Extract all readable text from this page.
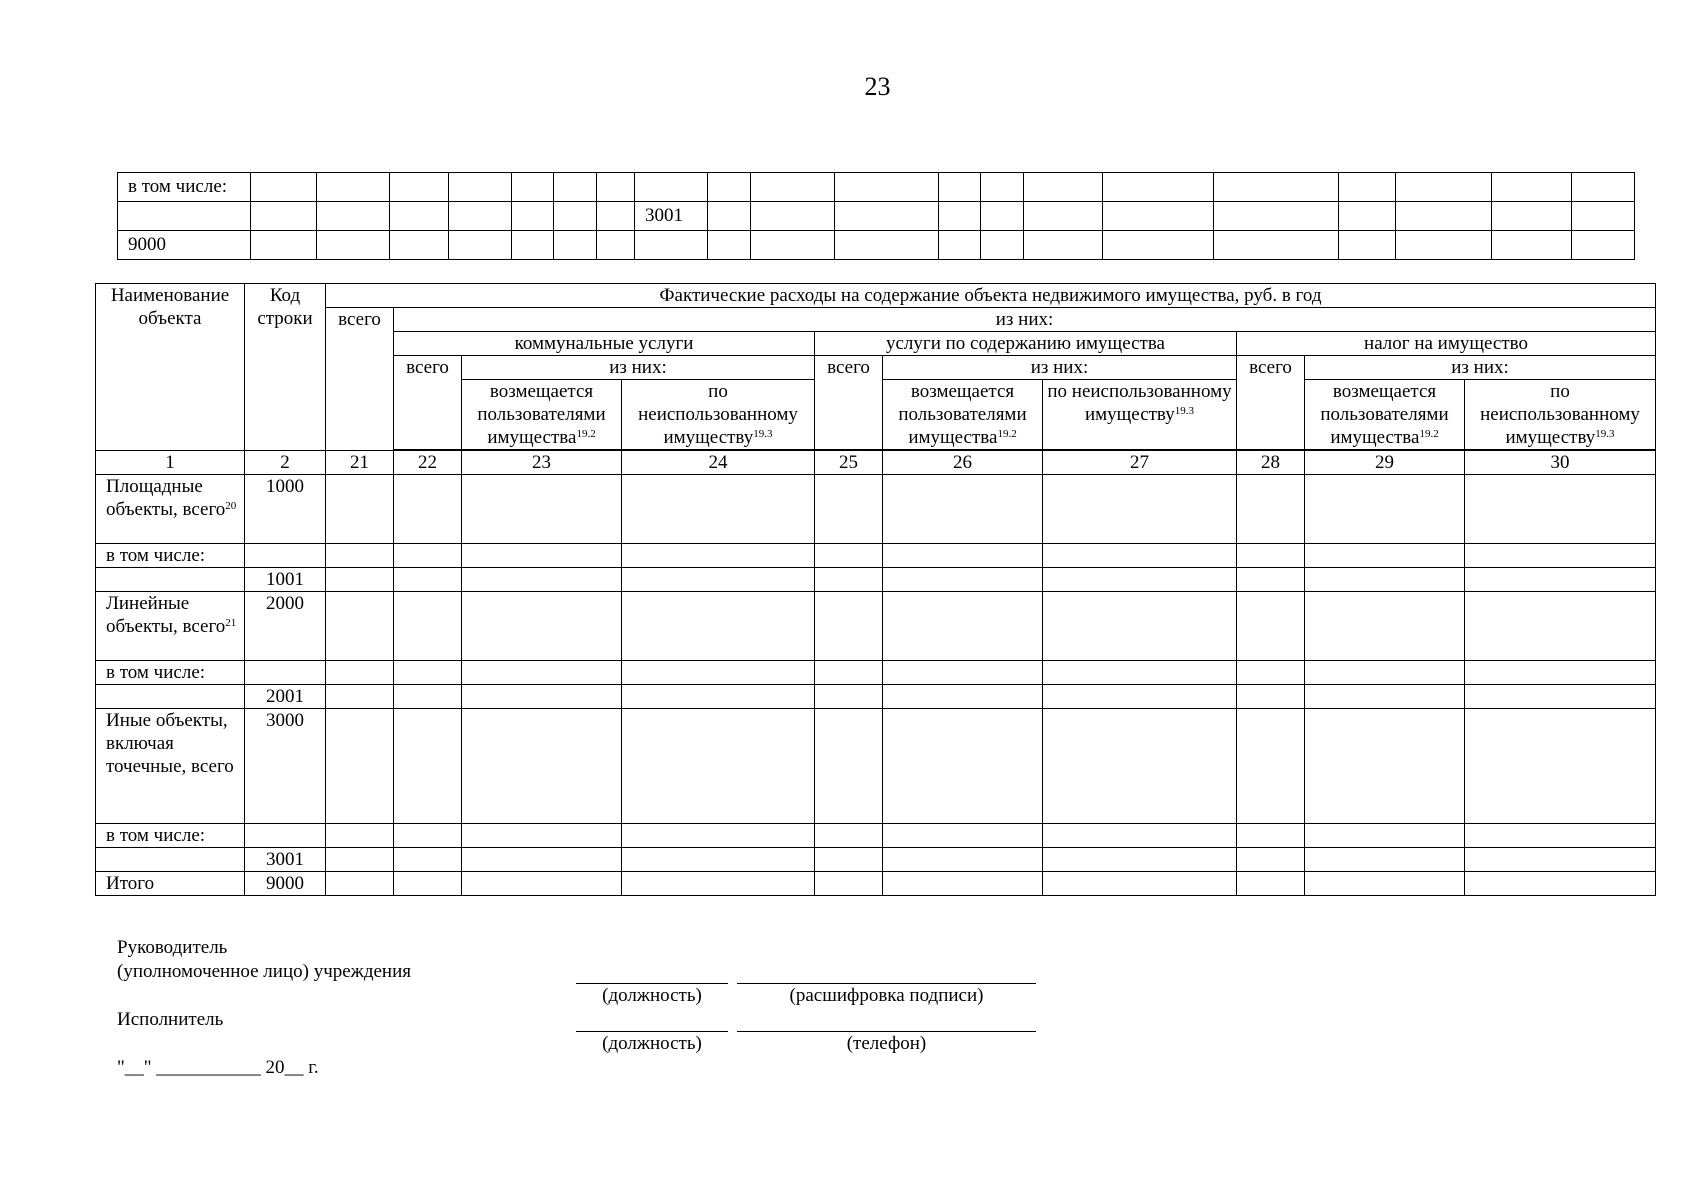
23
в том числе:																				
								3001												
9000																				
Наименование объекта	Код строки	Фактические расходы на содержание объекта недвижимого имущества, руб. в год									
		всего	из них:								
			коммунальные услуги			услуги по содержанию имущества			налог на имущество		
			всего	из них:		всего	из них:		всего	из них:	
				возмещается пользователями имущества$^{19.2}$	по неиспользованному имуществу$^{19.3}$		возмещается пользователями имущества$^{19.2}$	по неиспользованному имуществу$^{19.3}$		возмещается пользователями имущества$^{19.2}$	по неиспользованному имуществу$^{19.3}$

1	2	21	22	23	24	25	26	27	28	29	30
Площадные объекты, всего$^{20}$	1000										
в том числе:											
	1001										
Линейные объекты, всего$^{21}$	2000										
в том числе:											
	2001										
Иные объекты, включая точечные, всего	3000										
в том числе:											
	3001										
Итого	9000										
Руководитель
(уполномоченное лицо) учреждения
(должность)	(расшифровка подписи)
Исполнитель
(должность)	(телефон)
"__" ___________ 20__ г.
